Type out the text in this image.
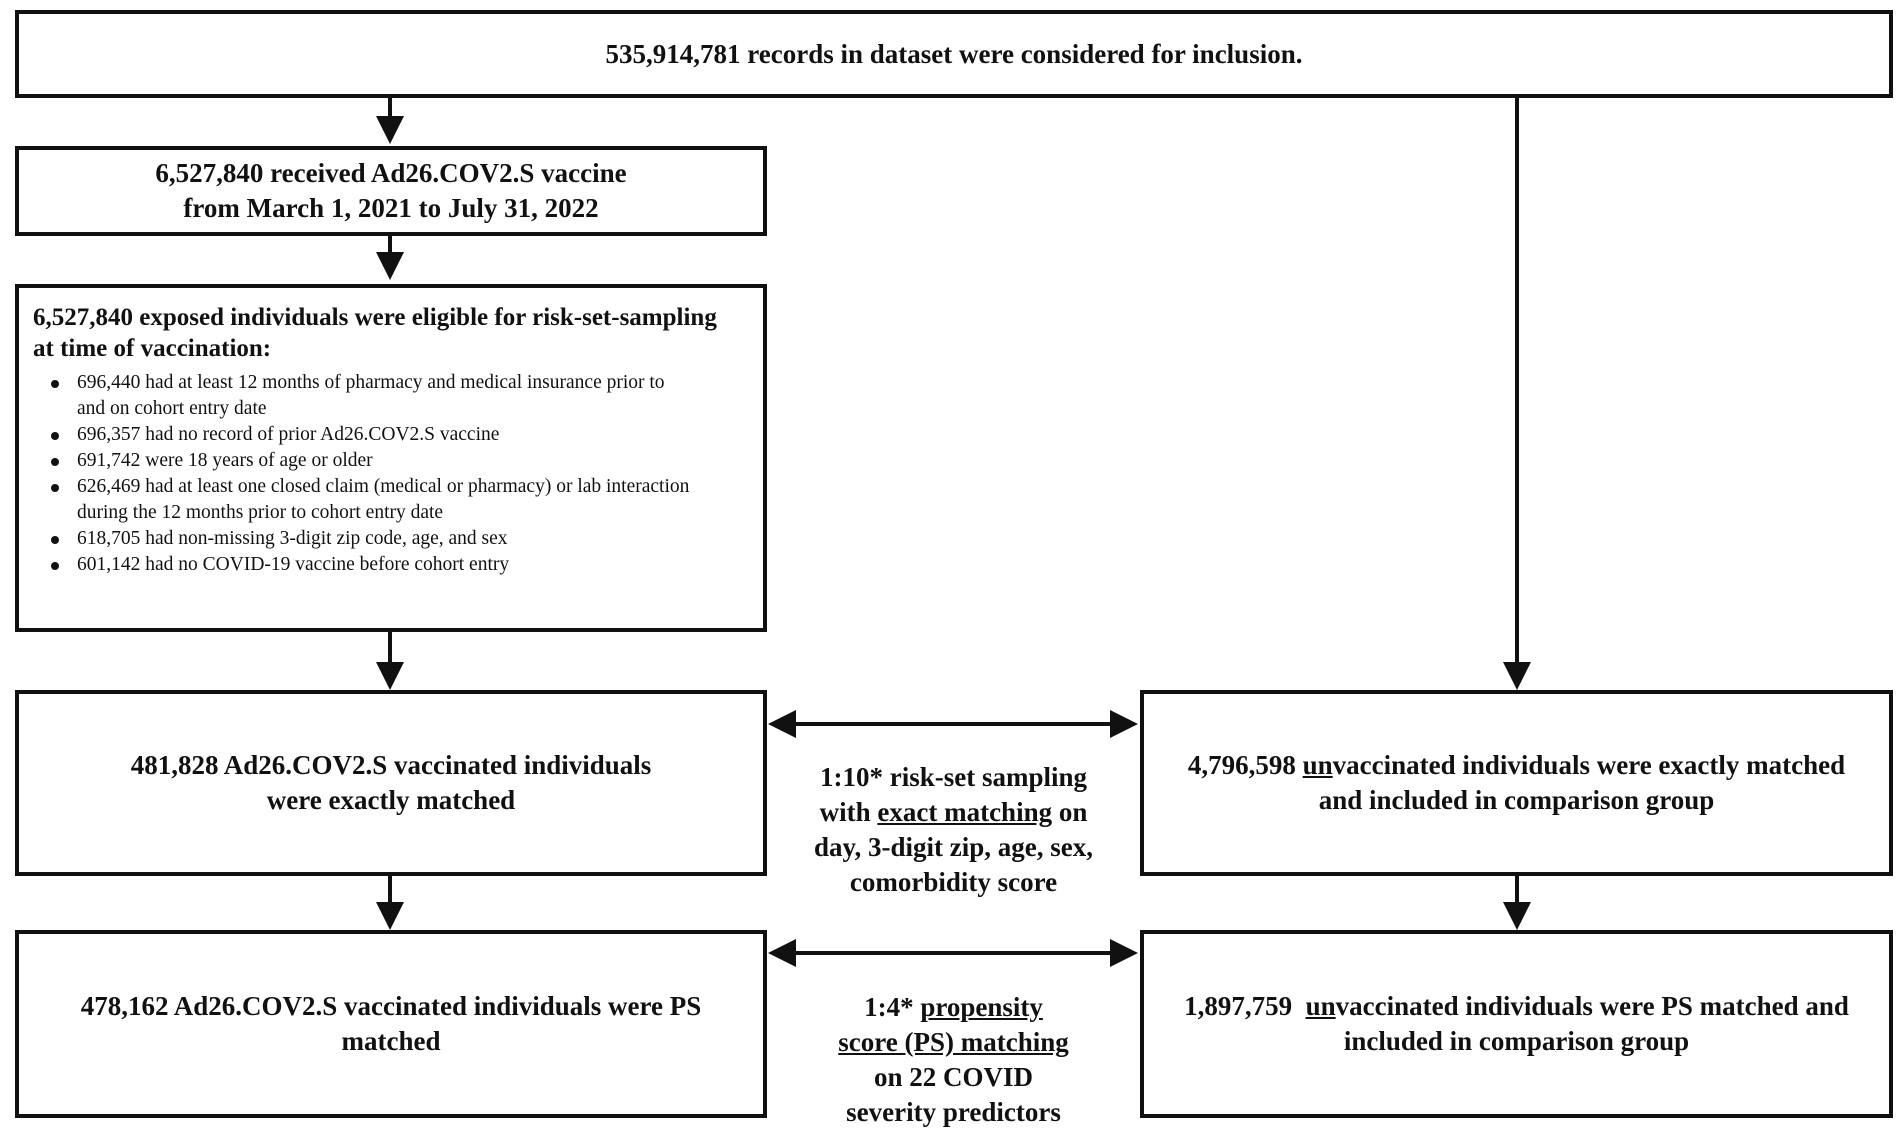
535,914,781 records in dataset were considered for inclusion.
6,527,840 received Ad26.COV2.S vaccine
from March 1, 2021 to July 31, 2022
6,527,840 exposed individuals were eligible for risk-set-sampling
at time of vaccination:
696,440 had at least 12 months of pharmacy and medical insurance prior to
and on cohort entry date
696,357 had no record of prior Ad26.COV2.S vaccine
691,742 were 18 years of age or older
626,469 had at least one closed claim (medical or pharmacy) or lab interaction
during the 12 months prior to cohort entry date
618,705 had non-missing 3-digit zip code, age, and sex
601,142 had no COVID-19 vaccine before cohort entry
481,828 Ad26.COV2.S vaccinated individuals
were exactly matched
4,796,598 unvaccinated individuals were exactly matched
and included in comparison group
1:10* risk-set sampling
with exact matching on
day, 3-digit zip, age, sex,
comorbidity score
478,162 Ad26.COV2.S vaccinated individuals were PS
matched
1,897,759 unvaccinated individuals were PS matched and
included in comparison group
1:4* propensity
score (PS) matching
on 22 COVID
severity predictors
